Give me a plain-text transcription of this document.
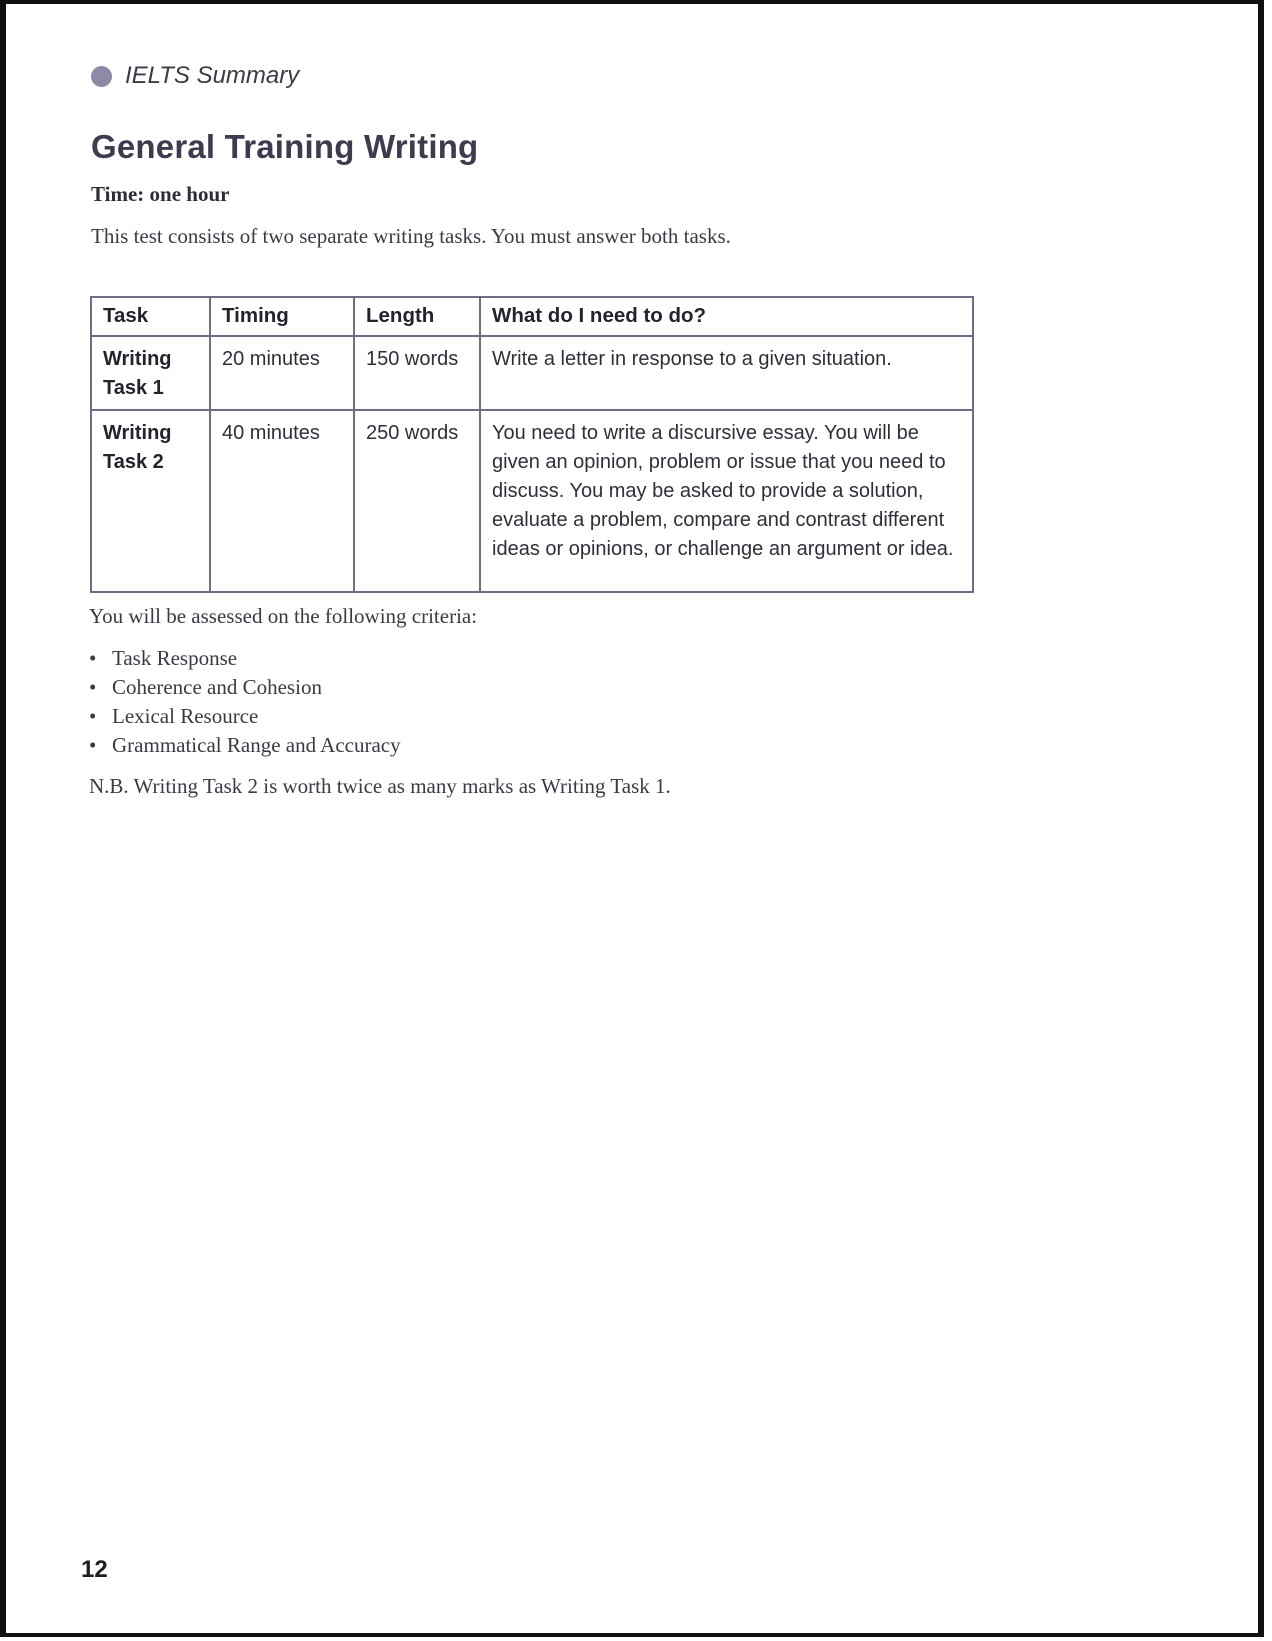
IELTS Summary
General Training Writing
Time: one hour

This test consists of two separate writing tasks. You must answer both tasks.

Task	Timing	Length	What do I need to do?
Writing Task 1	20 minutes	150 words	Write a letter in response to a given situation.
Writing Task 2	40 minutes	250 words	You need to write a discursive essay. You will be given an opinion, problem or issue that you need to discuss. You may be asked to provide a solution, evaluate a problem, compare and contrast different ideas or opinions, or challenge an argument or idea.
You will be assessed on the following criteria:
• Task Response
• Coherence and Cohesion
• Lexical Resource
• Grammatical Range and Accuracy
N.B. Writing Task 2 is worth twice as many marks as Writing Task 1.
12
